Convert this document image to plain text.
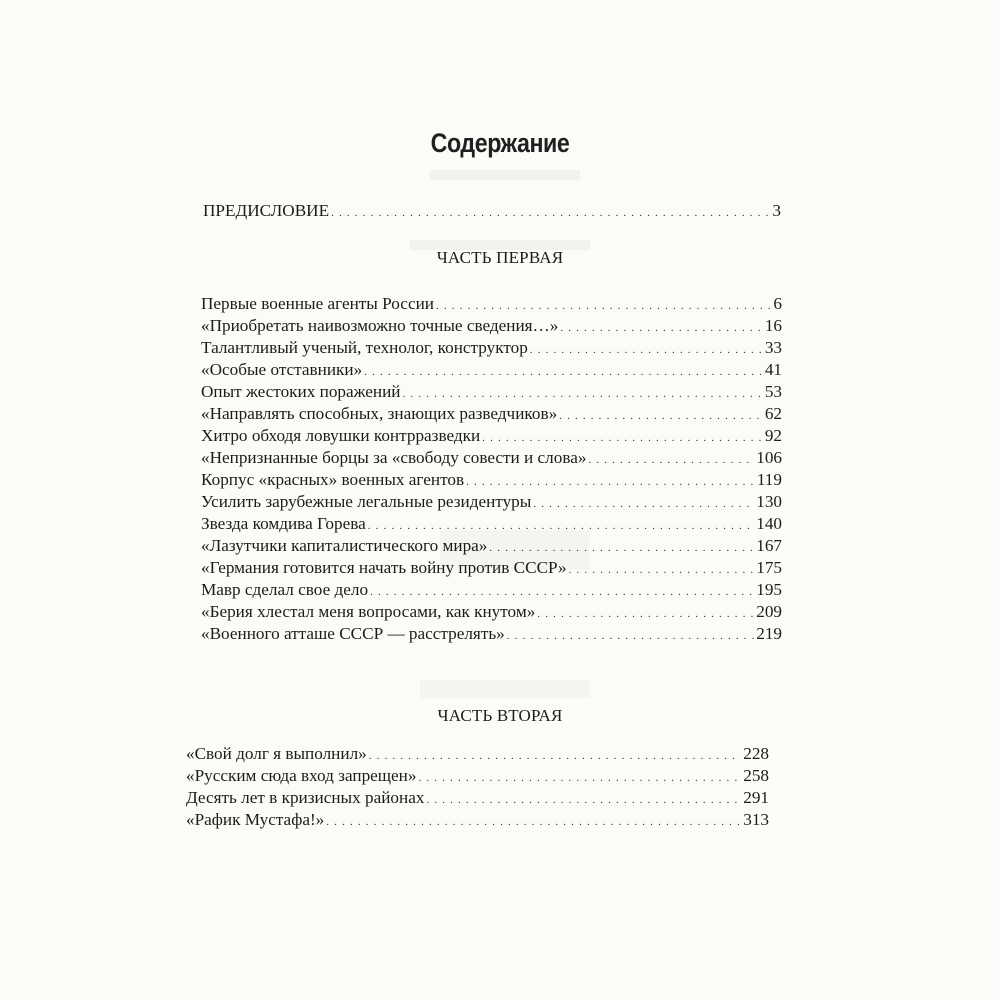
Содержание
ПРЕДИСЛОВИЕ . . .	3
ЧАСТЬ ПЕРВАЯ
Первые военные агенты России . . .	6
«Приобретать наивозможно точные сведения…» . . .	16
Талантливый ученый, технолог, конструктор . . .	33
«Особые отставники» . . .	41
Опыт жестоких поражений . . .	53
«Направлять способных, знающих разведчиков» . . .	62
Хитро обходя ловушки контрразведки . . .	92
«Непризнанные борцы за «свободу совести и слова» . . .	106
Корпус «красных» военных агентов . . .	119
Усилить зарубежные легальные резидентуры . . .	130
Звезда комдива Горева . . .	140
«Лазутчики капиталистического мира» . . .	167
«Германия готовится начать войну против СССР» . . .	175
Мавр сделал свое дело . . .	195
«Берия хлестал меня вопросами, как кнутом» . . .	209
«Военного атташе СССР — расстрелять» . . .	219
ЧАСТЬ ВТОРАЯ
«Свой долг я выполнил» . . .	228
«Русским сюда вход запрещен» . . .	258
Десять лет в кризисных районах . . .	291
«Рафик Мустафа!» . . .	313
